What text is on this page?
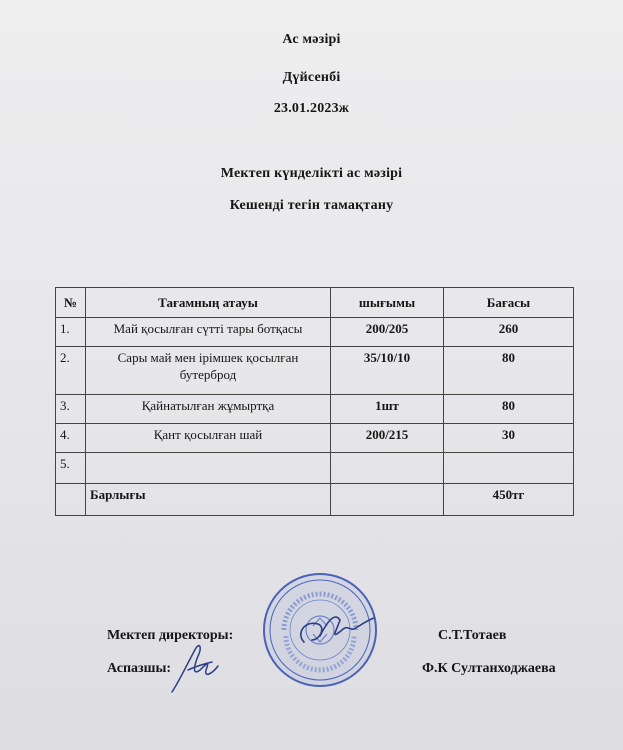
Ас мәзірі
Дүйсенбі
23.01.2023ж
Мектеп күнделікті ас мәзірі
Кешенді тегін тамақтану
№	Тағамның атауы	шығымы	Бағасы
1.	Май қосылған сүтті тары ботқасы	200/205	260
2.	Сары май мен ірімшек қосылған бутерброд	35/10/10	80
3.	Қайнатылған жұмыртқа	1шт	80
4.	Қант қосылған шай	200/215	30
5.			
	Барлығы		450тг
Мектеп директоры:	С.Т.Тотаев
Аспазшы:	Ф.К Султанходжаева
